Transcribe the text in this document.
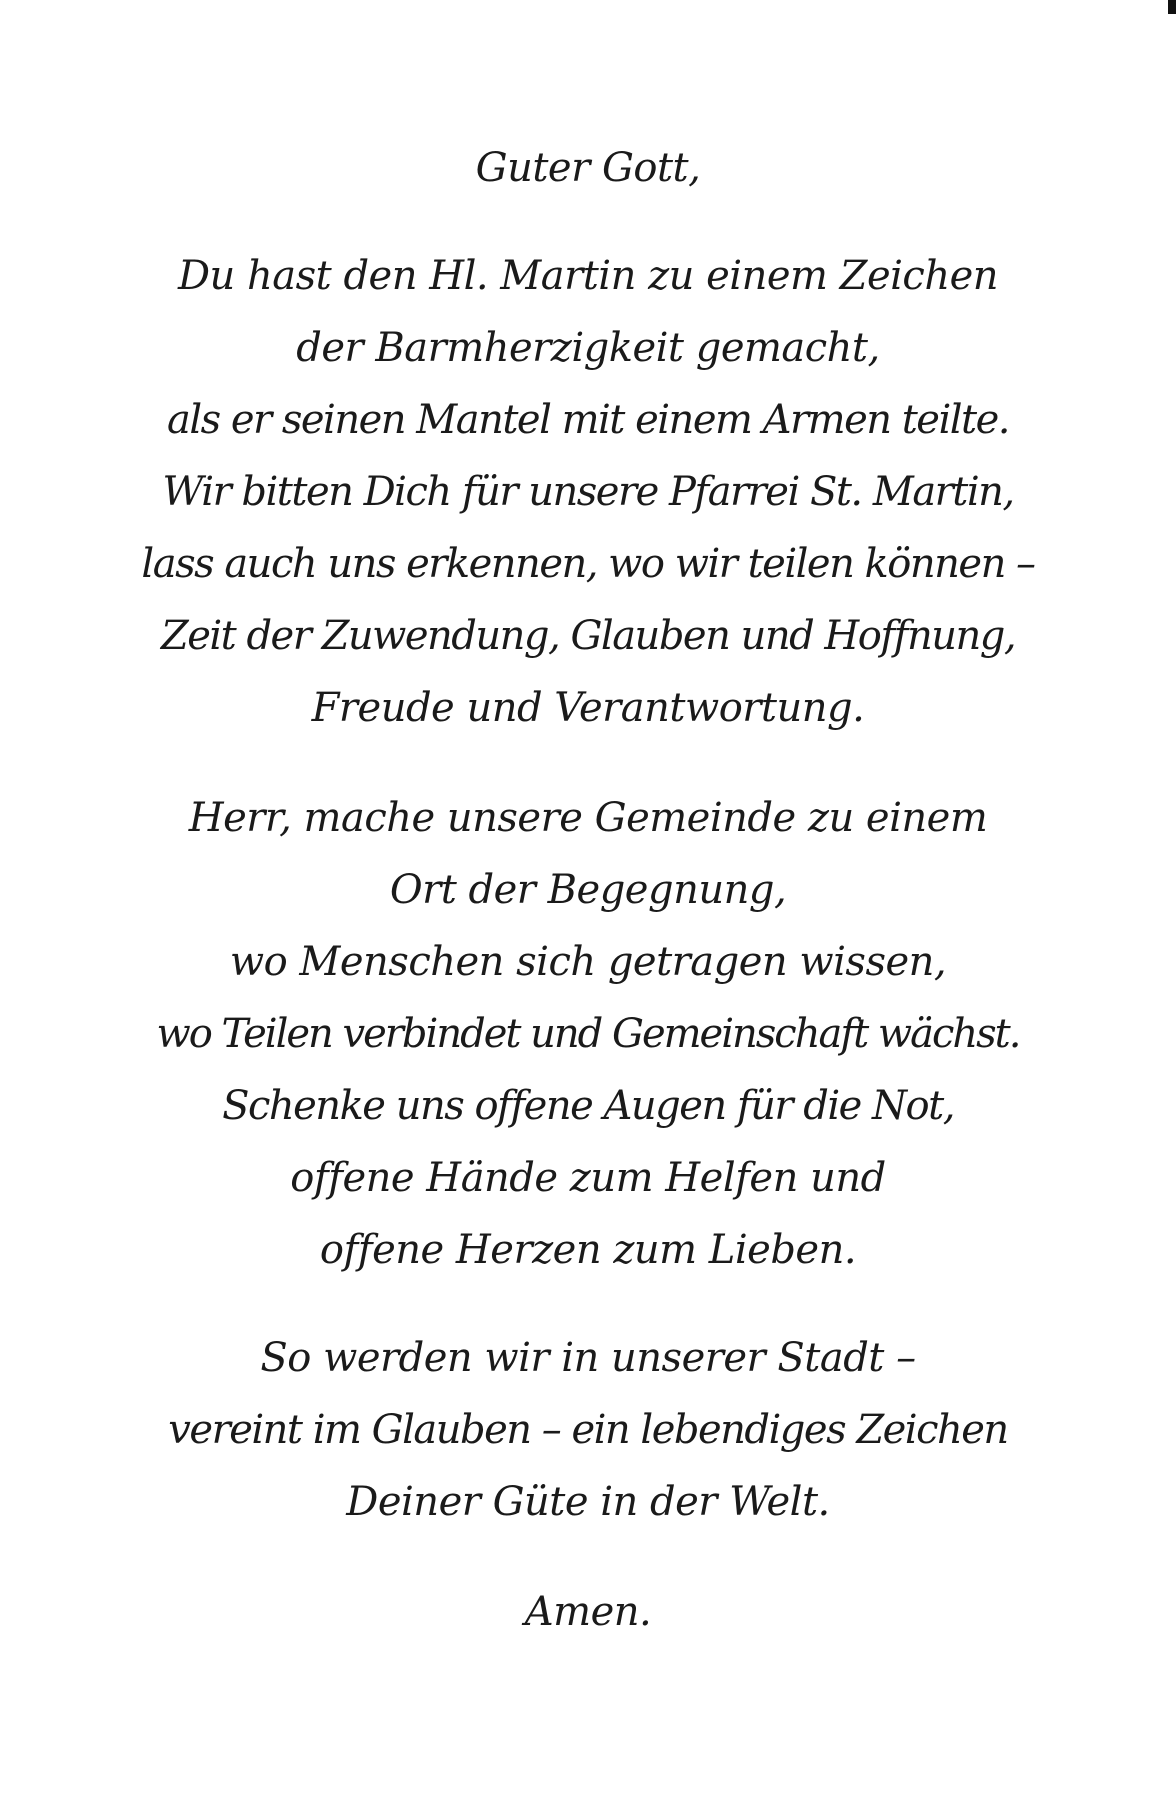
Guter Gott,
Du hast den Hl. Martin zu einem Zeichen
der Barmherzigkeit gemacht,
als er seinen Mantel mit einem Armen teilte.
Wir bitten Dich für unsere Pfarrei St. Martin,
lass auch uns erkennen, wo wir teilen können –
Zeit der Zuwendung, Glauben und Hoffnung,
Freude und Verantwortung.
Herr, mache unsere Gemeinde zu einem
Ort der Begegnung,
wo Menschen sich getragen wissen,
wo Teilen verbindet und Gemeinschaft wächst.
Schenke uns offene Augen für die Not,
offene Hände zum Helfen und
offene Herzen zum Lieben.
So werden wir in unserer Stadt –
vereint im Glauben – ein lebendiges Zeichen
Deiner Güte in der Welt.
Amen.
